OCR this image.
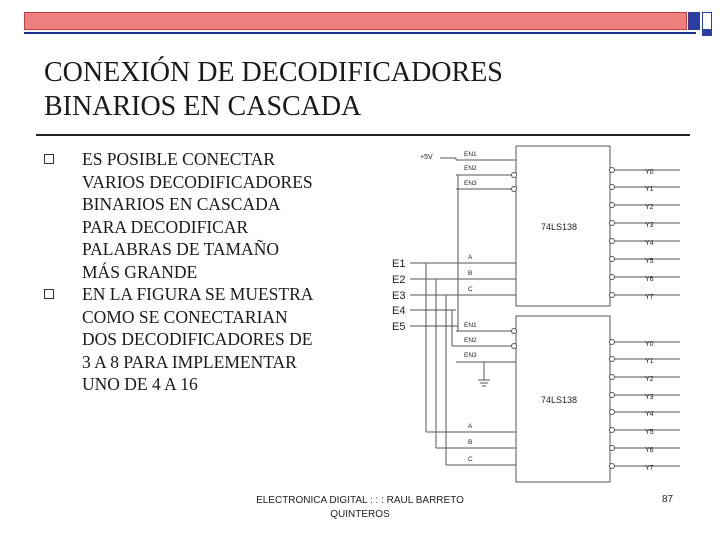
CONEXIÓN DE DECODIFICADORES
BINARIOS EN CASCADA
ES POSIBLE CONECTAR
VARIOS DECODIFICADORES
BINARIOS EN CASCADA
PARA DECODIFICAR
PALABRAS DE TAMAÑO
MÁS GRANDE
EN LA FIGURA SE MUESTRA
COMO SE CONECTARIAN
DOS DECODIFICADORES DE
3 A 8 PARA IMPLEMENTAR
UNO DE 4 A 16
+5V	EN1
EN2
EN3
A
B
C
74LS138
EN1
EN2
EN3
A
B
C
74LS138
E1
E2
E3
E4
E5
Y0
Y1
Y2
Y3
Y4
Y5
Y6
Y7
Y0
Y1
Y2
Y3
Y4
Y5
Y6
Y7
ELECTRONICA DIGITAL : : : RAUL BARRETO
QUINTEROS
87
